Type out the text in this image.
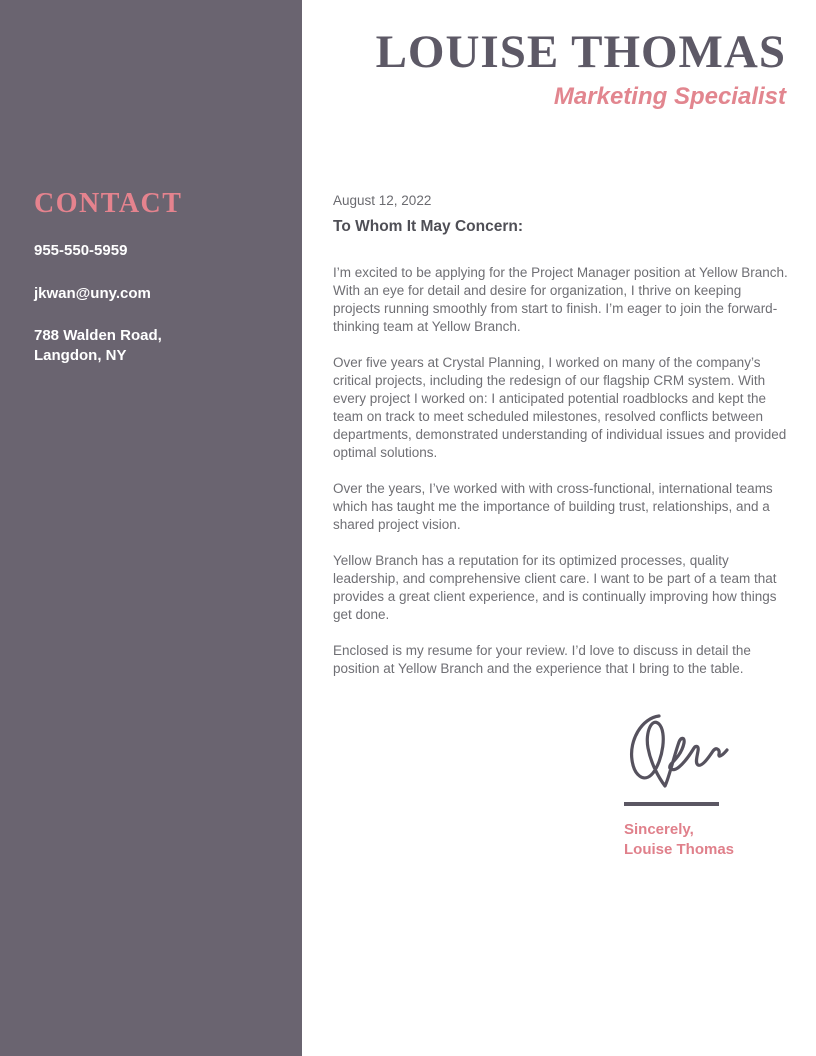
CONTACT
955-550-5959
jkwan@uny.com
788 Walden Road,
Langdon, NY
LOUISE THOMAS
Marketing Specialist
August 12, 2022
To Whom It May Concern:

I’m excited to be applying for the Project Manager position at Yellow Branch. With an eye for detail and desire for organization, I thrive on keeping projects running smoothly from start to finish. I’m eager to join the forward-thinking team at Yellow Branch.

Over five years at Crystal Planning, I worked on many of the company’s critical projects, including the redesign of our flagship CRM system. With every project I worked on: I anticipated potential roadblocks and kept the team on track to meet scheduled milestones, resolved conflicts between departments, demonstrated understanding of individual issues and provided optimal solutions.

Over the years, I’ve worked with with cross-functional, international teams which has taught me the importance of building trust, relationships, and a shared project vision.

Yellow Branch has a reputation for its optimized processes, quality leadership, and comprehensive client care. I want to be part of a team that provides a great client experience, and is continually improving how things get done.

Enclosed is my resume for your review. I’d love to discuss in detail the position at Yellow Branch and the experience that I bring to the table.

Sincerely,
Louise Thomas
